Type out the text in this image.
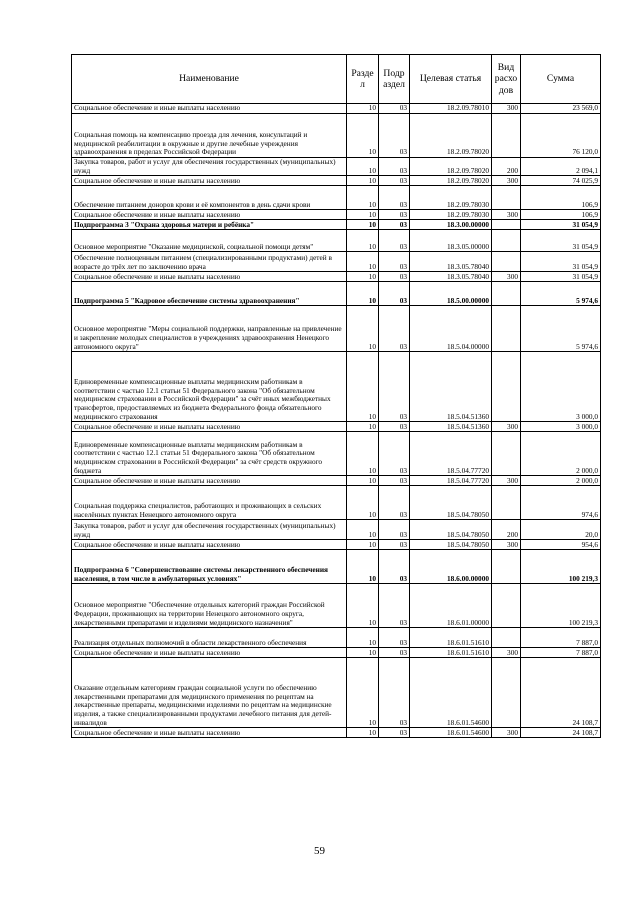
Наименование	Разде л	Подр аздел	Целевая статья	Вид расхо дов	Сумма
Социальное обеспечение и иные выплаты населению	10	03	18.2.09.78010	300	23 569,0
Социальная помощь на компенсацию проезда для лечения, консультаций и медицинской реабилитации в окружные и другие лечебные учреждения здравоохранения в пределах Российской Федерации	10	03	18.2.09.78020		76 120,0
Закупка товаров, работ и услуг для обеспечения государственных (муниципальных) нужд	10	03	18.2.09.78020	200	2 094,1
Социальное обеспечение и иные выплаты населению	10	03	18.2.09.78020	300	74 025,9
Обеспечение питанием доноров крови и её компонентов в день сдачи крови	10	03	18.2.09.78030		106,9
Социальное обеспечение и иные выплаты населению	10	03	18.2.09.78030	300	106,9
Подпрограмма 3 "Охрана здоровья матери и ребёнка"	10	03	18.3.00.00000		31 054,9
Основное мероприятие "Оказание медицинской, социальной помощи детям"	10	03	18.3.05.00000		31 054,9
Обеспечение полноценным питанием (специализированными продуктами) детей в возрасте до трёх лет по заключению врача	10	03	18.3.05.78040		31 054,9
Социальное обеспечение и иные выплаты населению	10	03	18.3.05.78040	300	31 054,9
Подпрограмма 5 "Кадровое обеспечение системы здравоохранения"	10	03	18.5.00.00000		5 974,6
Основное мероприятие "Меры социальной поддержки, направленные на привлечение и закрепление молодых специалистов в учреждениях здравоохранения Ненецкого автономного округа"	10	03	18.5.04.00000		5 974,6
Единовременные компенсационные выплаты медицинским работникам в соответствии с частью 12.1 статьи 51 Федерального закона "Об обязательном медицинском страховании в Российской Федерации" за счёт иных межбюджетных трансфертов, предоставляемых из бюджета Федерального фонда обязательного медицинского страхования	10	03	18.5.04.51360		3 000,0
Социальное обеспечение и иные выплаты населению	10	03	18.5.04.51360	300	3 000,0
Единовременные компенсационные выплаты медицинским работникам в соответствии с частью 12.1 статьи 51 Федерального закона "Об обязательном медицинском страховании в Российской Федерации" за счёт средств окружного бюджета	10	03	18.5.04.77720		2 000,0
Социальное обеспечение и иные выплаты населению	10	03	18.5.04.77720	300	2 000,0
Социальная поддержка специалистов, работающих и проживающих в сельских населённых пунктах Ненецкого автономного округа	10	03	18.5.04.78050		974,6
Закупка товаров, работ и услуг для обеспечения государственных (муниципальных) нужд	10	03	18.5.04.78050	200	20,0
Социальное обеспечение и иные выплаты населению	10	03	18.5.04.78050	300	954,6
Подпрограмма 6 "Совершенствование системы лекарственного обеспечения населения, в том числе в амбулаторных условиях"	10	03	18.6.00.00000		100 219,3
Основное мероприятие "Обеспечение отдельных категорий граждан Российской Федерации, проживающих на территории Ненецкого автономного округа, лекарственными препаратами и изделиями медицинского назначения"	10	03	18.6.01.00000		100 219,3
Реализация отдельных полномочий в области лекарственного обеспечения	10	03	18.6.01.51610		7 887,0
Социальное обеспечение и иные выплаты населению	10	03	18.6.01.51610	300	7 887,0
Оказание отдельным категориям граждан социальной услуги по обеспечению лекарственными препаратами для медицинского применения по рецептам на лекарственные препараты, медицинскими изделиями по рецептам на медицинские изделия, а также специализированными продуктами лечебного питания для детей-инвалидов	10	03	18.6.01.54600		24 108,7
Социальное обеспечение и иные выплаты населению	10	03	18.6.01.54600	300	24 108,7
59
